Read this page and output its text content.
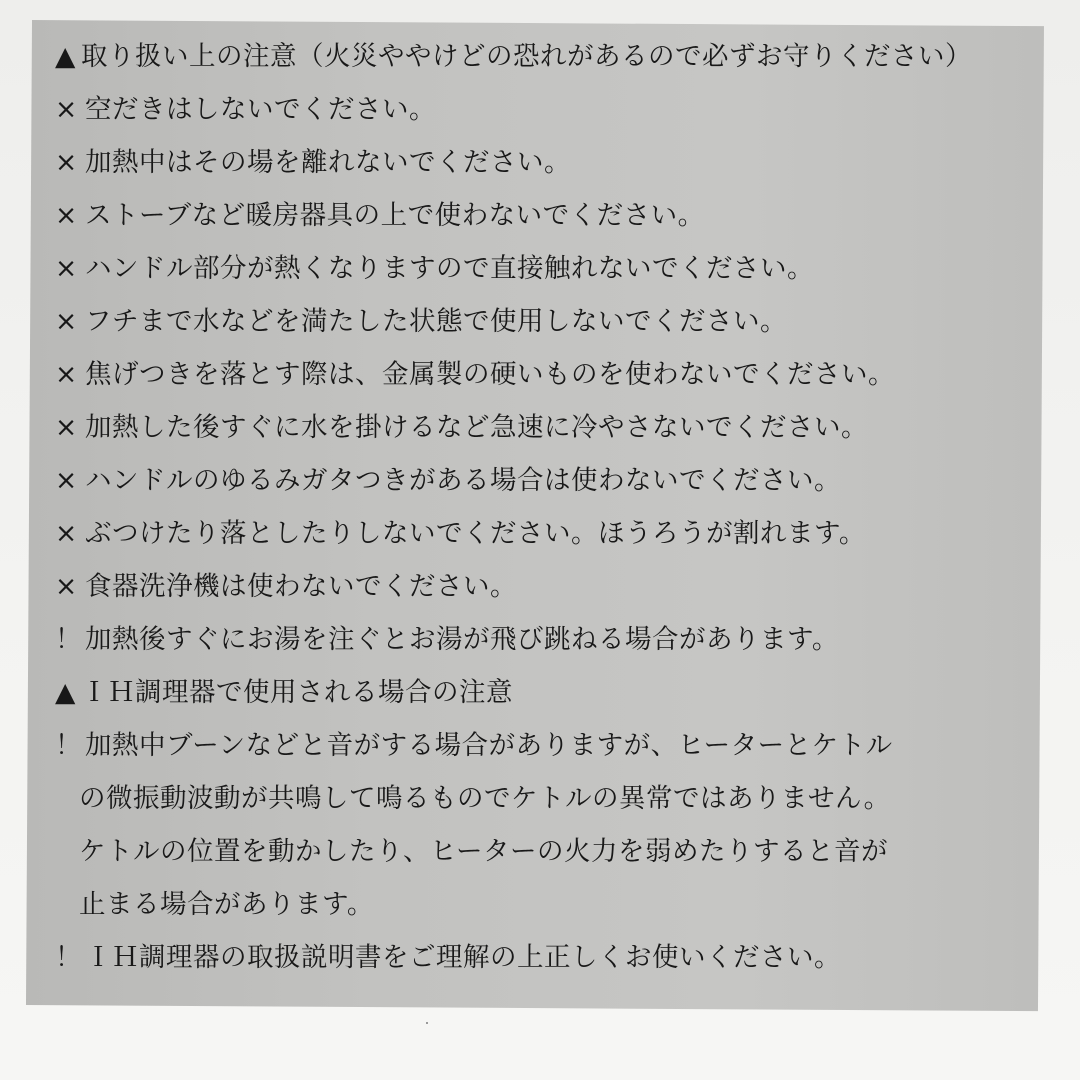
▲ 取り扱い上の注意（火災ややけどの恐れがあるので必ずお守りください）
× 空だきはしないでください。
× 加熱中はその場を離れないでください。
× ストーブなど暖房器具の上で使わないでください。
× ハンドル部分が熱くなりますので直接触れないでください。
× フチまで水などを満たした状態で使用しないでください。
× 焦げつきを落とす際は、金属製の硬いものを使わないでください。
× 加熱した後すぐに水を掛けるなど急速に冷やさないでください。
× ハンドルのゆるみガタつきがある場合は使わないでください。
× ぶつけたり落としたりしないでください。ほうろうが割れます。
× 食器洗浄機は使わないでください。
！ 加熱後すぐにお湯を注ぐとお湯が飛び跳ねる場合があります。
▲ ＩＨ調理器で使用される場合の注意
！ 加熱中ブーンなどと音がする場合がありますが、ヒーターとケトル
の微振動波動が共鳴して鳴るものでケトルの異常ではありません。
ケトルの位置を動かしたり、ヒーターの火力を弱めたりすると音が
止まる場合があります。
！ ＩＨ調理器の取扱説明書をご理解の上正しくお使いください。
